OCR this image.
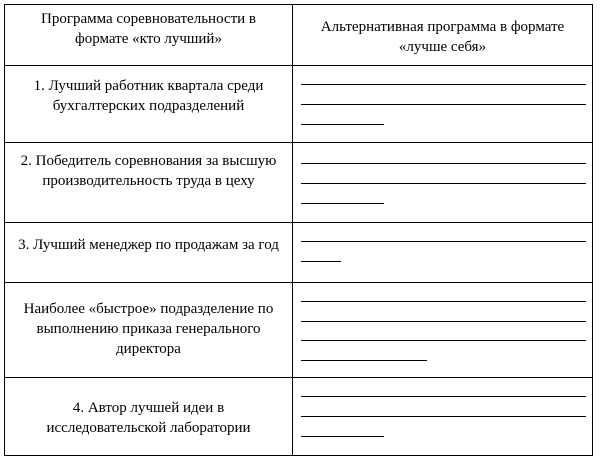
Программа соревновательности в формате «кто лучший»
Альтернативная программа в формате «лучше себя»
1. Лучший работник квартала среди бухгалтерских подразделений
2. Победитель соревнования за высшую производительность труда в цеху
3. Лучший менеджер по продажам за год
Наиболее «быстрое» подразделение по выполнению приказа генерального директора
4. Автор лучшей идеи в исследовательской лаборатории
